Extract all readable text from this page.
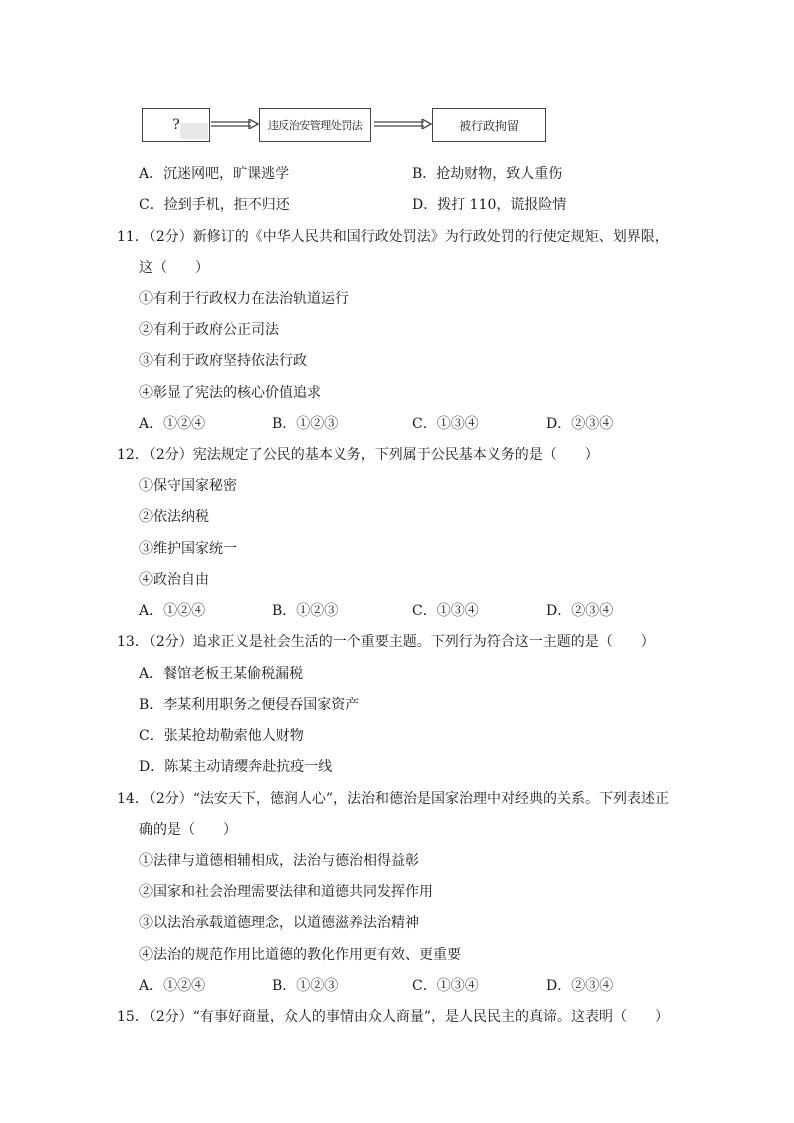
?	违反治安管理处罚法	被行政拘留
A．沉迷网吧，旷课逃学	B．抢劫财物，致人重伤
C．捡到手机，拒不归还	D．拨打 110，谎报险情
11．（2分）新修订的《中华人民共和国行政处罚法》为行政处罚的行使定规矩、划界限，
这（　　）
①有利于行政权力在法治轨道运行
②有利于政府公正司法
③有利于政府坚持依法行政
④彰显了宪法的核心价值追求
A．①②④	B．①②③	C．①③④	D．②③④
12．（2分）宪法规定了公民的基本义务，下列属于公民基本义务的是（　　）
①保守国家秘密
②依法纳税
③维护国家统一
④政治自由
A．①②④	B．①②③	C．①③④	D．②③④
13．（2分）追求正义是社会生活的一个重要主题。下列行为符合这一主题的是（　　）
A．餐馆老板王某偷税漏税
B．李某利用职务之便侵吞国家资产
C．张某抢劫勒索他人财物
D．陈某主动请缨奔赴抗疫一线
14．（2分）“法安天下，德润人心”，法治和德治是国家治理中对经典的关系。下列表述正
确的是（　　）
①法律与道德相辅相成，法治与德治相得益彰
②国家和社会治理需要法律和道德共同发挥作用
③以法治承载道德理念，以道德滋养法治精神
④法治的规范作用比道德的教化作用更有效、更重要
A．①②④	B．①②③	C．①③④	D．②③④
15．（2分）“有事好商量，众人的事情由众人商量”，是人民民主的真谛。这表明（　　）
